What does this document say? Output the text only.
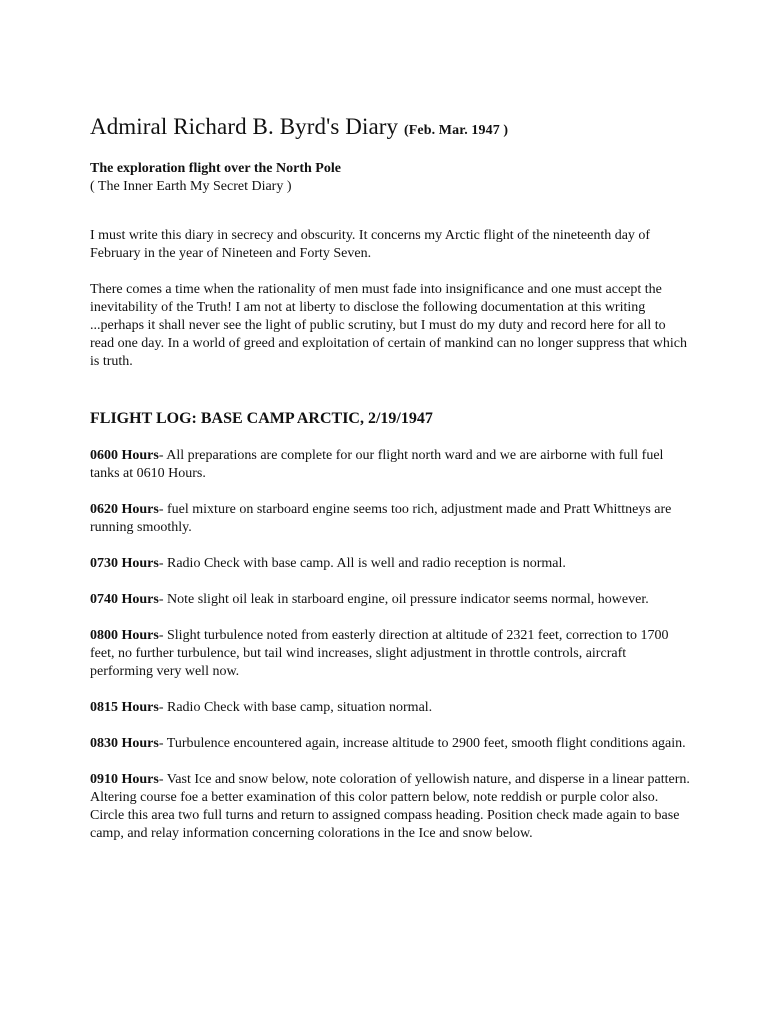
Admiral Richard B. Byrd's Diary (Feb. Mar. 1947 )
The exploration flight over the North Pole
( The Inner Earth My Secret Diary )

I must write this diary in secrecy and obscurity. It concerns my Arctic flight of the nineteenth day of February in the year of Nineteen and Forty Seven.

There comes a time when the rationality of men must fade into insignificance and one must accept the inevitability of the Truth! I am not at liberty to disclose the following documentation at this writing ...perhaps it shall never see the light of public scrutiny, but I must do my duty and record here for all to read one day. In a world of greed and exploitation of certain of mankind can no longer suppress that which is truth.

FLIGHT LOG: BASE CAMP ARCTIC, 2/19/1947

0600 Hours- All preparations are complete for our flight north ward and we are airborne with full fuel tanks at 0610 Hours.

0620 Hours- fuel mixture on starboard engine seems too rich, adjustment made and Pratt Whittneys are running smoothly.

0730 Hours- Radio Check with base camp. All is well and radio reception is normal.

0740 Hours- Note slight oil leak in starboard engine, oil pressure indicator seems normal, however.

0800 Hours- Slight turbulence noted from easterly direction at altitude of 2321 feet, correction to 1700 feet, no further turbulence, but tail wind increases, slight adjustment in throttle controls, aircraft performing very well now.

0815 Hours- Radio Check with base camp, situation normal.

0830 Hours- Turbulence encountered again, increase altitude to 2900 feet, smooth flight conditions again.

0910 Hours- Vast Ice and snow below, note coloration of yellowish nature, and disperse in a linear pattern. Altering course foe a better examination of this color pattern below, note reddish or purple color also. Circle this area two full turns and return to assigned compass heading. Position check made again to base camp, and relay information concerning colorations in the Ice and snow below.
